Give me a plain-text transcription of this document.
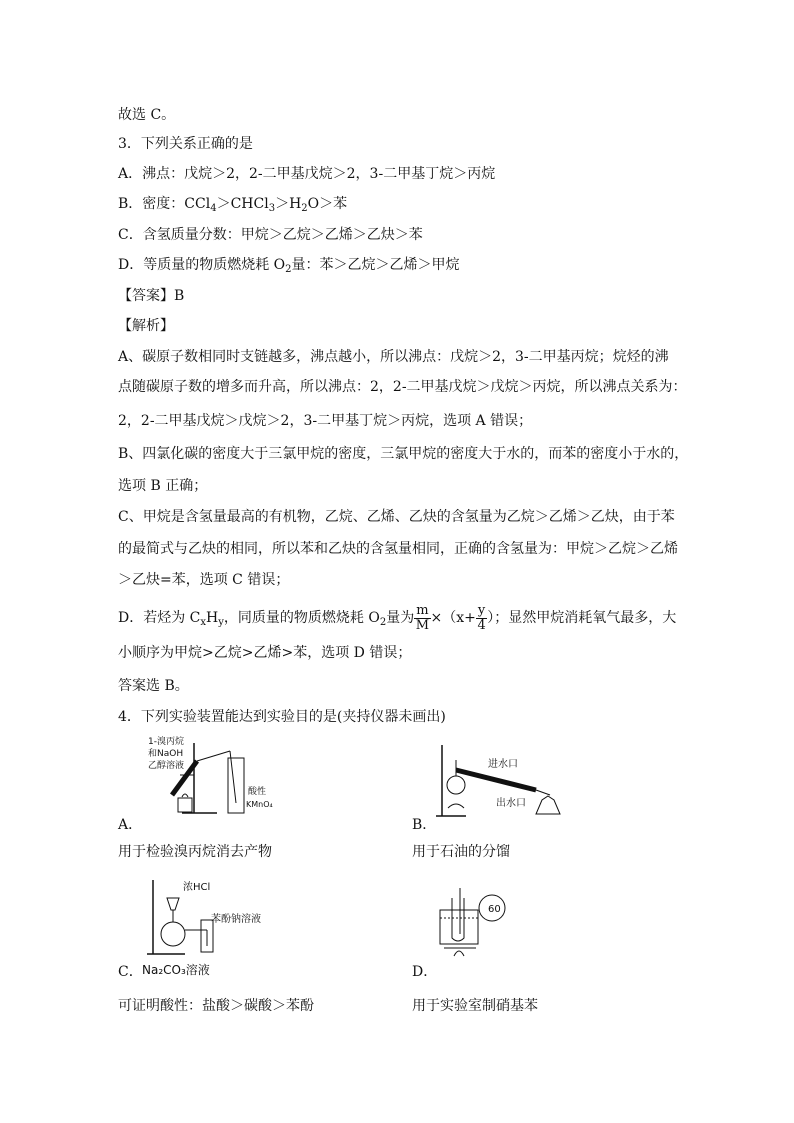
故选 C。
3．下列关系正确的是
A．沸点：戊烷＞2，2-二甲基戊烷＞2，3-二甲基丁烷＞丙烷
B．密度：$CCl_4>CHCl_3>H_2O>$苯
C．含氢质量分数：甲烷＞乙烷＞乙烯＞乙炔＞苯
D．等质量的物质燃烧耗 $O_2$量：苯＞乙烷＞乙烯＞甲烷
【答案】B
【解析】
A、碳原子数相同时支链越多，沸点越小，所以沸点：戊烷＞2，3-二甲基丙烷；烷烃的沸
点随碳原子数的增多而升高，所以沸点：2，2-二甲基戊烷＞戊烷＞丙烷，所以沸点关系为：
2，2-二甲基戊烷＞戊烷＞2，3-二甲基丁烷＞丙烷，选项 A 错误；
B、四氯化碳的密度大于三氯甲烷的密度，三氯甲烷的密度大于水的，而苯的密度小于水的，
选项 B 正确；
C、甲烷是含氢量最高的有机物，乙烷、乙烯、乙炔的含氢量为乙烷＞乙烯＞乙炔，由于苯
的最简式与乙炔的相同，所以苯和乙炔的含氢量相同，正确的含氢量为：甲烷＞乙烷＞乙烯
＞乙炔=苯，选项 C 错误；
D．若烃为 $C_xH_y$，同质量的物质燃烧耗 $O_2$量为 $\frac{m}{M} \times(x+ \frac{y}{4}$ ）；显然甲烷消耗氧气最多，大
小顺序为甲烷>乙烷>乙烯>苯，选项 D 错误；
答案选 B。
4．下列实验装置能达到实验目的是(夹持仪器未画出)
1-溴丙烷
和NaOH
乙醇溶液
酸性
KMnO₄
A．
用于检验溴丙烷消去产物
进水口
出水口
B．
用于石油的分馏
浓HCl
苯酚钠溶液
C． Na₂CO₃溶液
可证明酸性：盐酸＞碳酸＞苯酚
60
D．
用于实验室制硝基苯
